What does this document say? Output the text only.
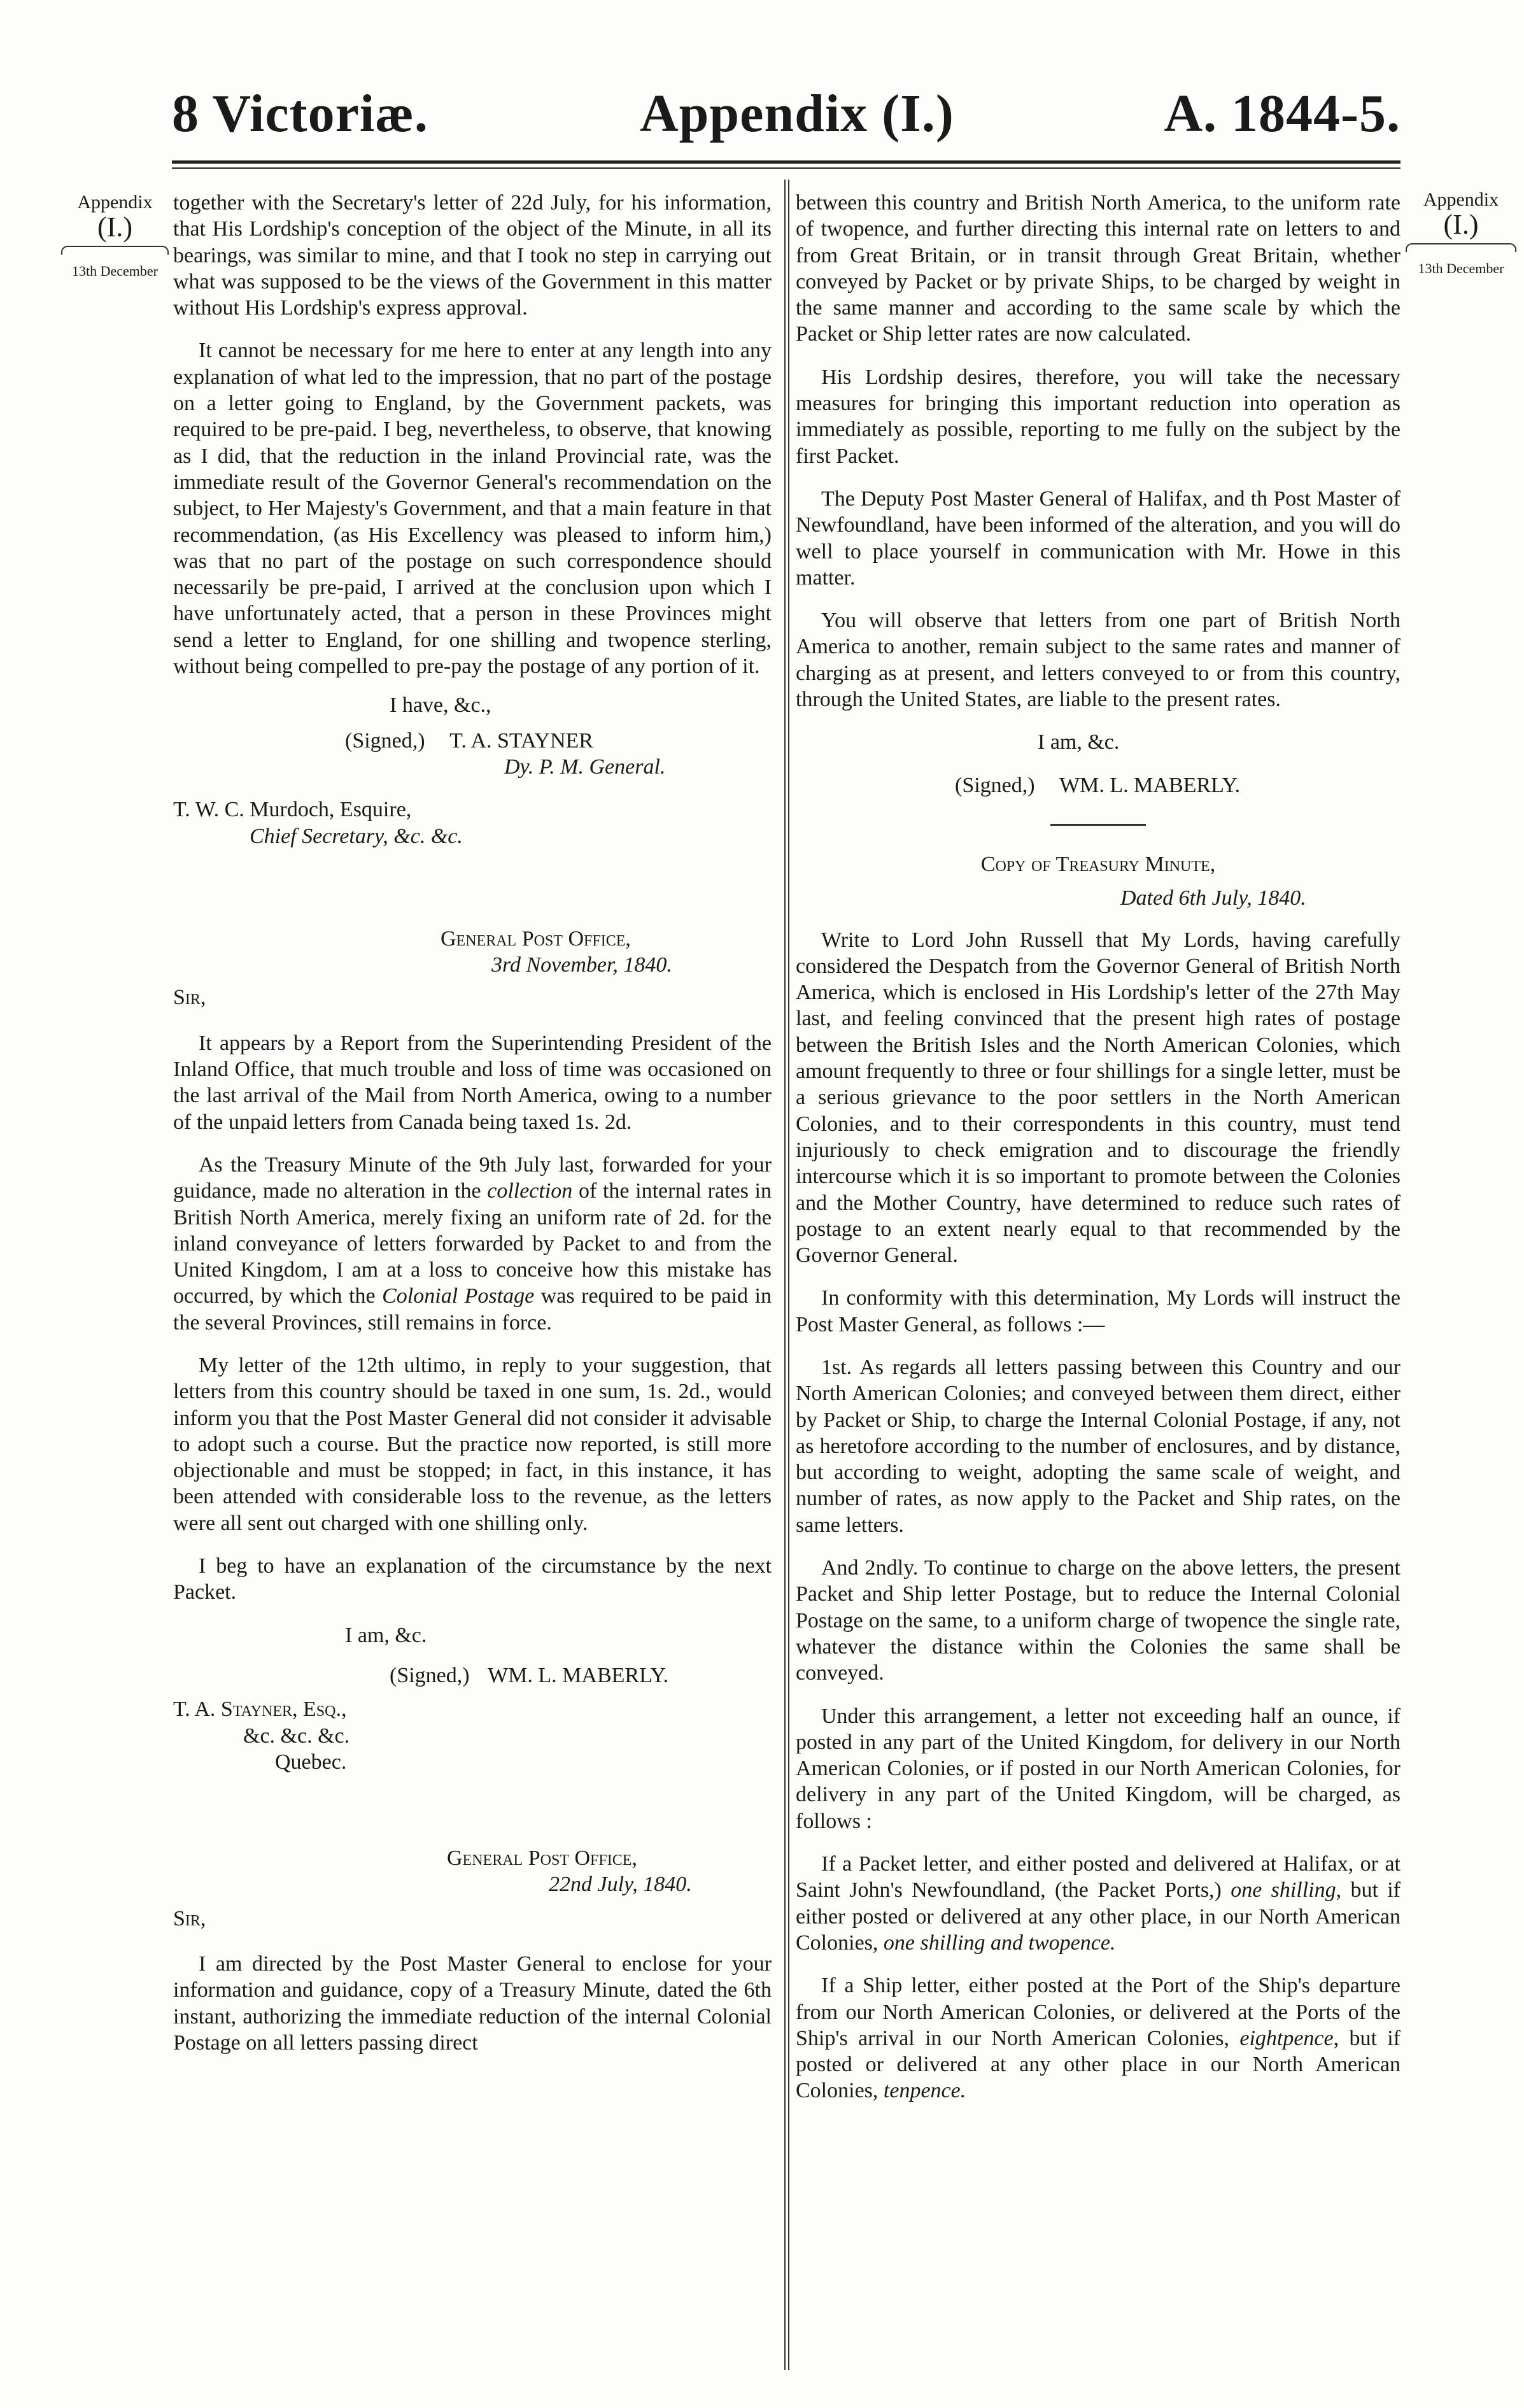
8 Victoriæ.	Appendix (I.)	A. 1844-5.
Appendix
(I.)
13th December
Appendix
(I.)
13th December

together with the Secretary's letter of 22d July, for his information, that His Lordship's conception of the object of the Minute, in all its bearings, was similar to mine, and that I took no step in carrying out what was supposed to be the views of the Government in this matter without His Lordship's express approval.

It cannot be necessary for me here to enter at any length into any explanation of what led to the impression, that no part of the postage on a letter going to England, by the Government packets, was required to be pre-paid. I beg, nevertheless, to observe, that knowing as I did, that the reduction in the inland Provincial rate, was the immediate result of the Governor General's recommendation on the subject, to Her Majesty's Government, and that a main feature in that recommendation, (as His Excellency was pleased to inform him,) was that no part of the postage on such correspondence should necessarily be pre-paid, I arrived at the conclusion upon which I have unfortunately acted, that a person in these Provinces might send a letter to England, for one shilling and twopence sterling, without being compelled to pre-pay the postage of any portion of it.

I have, &c.,
(Signed,) T. A. STAYNER
Dy. P. M. General.
T. W. C. Murdoch, Esquire,
Chief Secretary, &c. &c.
General Post Office,
3rd November, 1840.
Sir,

It appears by a Report from the Superintending President of the Inland Office, that much trouble and loss of time was occasioned on the last arrival of the Mail from North America, owing to a number of the unpaid letters from Canada being taxed 1s. 2d.

As the Treasury Minute of the 9th July last, forwarded for your guidance, made no alteration in the collection of the internal rates in British North America, merely fixing an uniform rate of 2d. for the inland conveyance of letters forwarded by Packet to and from the United Kingdom, I am at a loss to conceive how this mistake has occurred, by which the Colonial Postage was required to be paid in the several Provinces, still remains in force.

My letter of the 12th ultimo, in reply to your suggestion, that letters from this country should be taxed in one sum, 1s. 2d., would inform you that the Post Master General did not consider it advisable to adopt such a course. But the practice now reported, is still more objectionable and must be stopped; in fact, in this instance, it has been attended with considerable loss to the revenue, as the letters were all sent out charged with one shilling only.

I beg to have an explanation of the circumstance by the next Packet.

I am, &c.
(Signed,) WM. L. MABERLY.
T. A. Stayner, Esq.,
&c. &c. &c.
Quebec.
General Post Office,
22nd July, 1840.
Sir,

I am directed by the Post Master General to enclose for your information and guidance, copy of a Treasury Minute, dated the 6th instant, authorizing the immediate reduction of the internal Colonial Postage on all letters passing direct

between this country and British North America, to the uniform rate of twopence, and further directing this internal rate on letters to and from Great Britain, or in transit through Great Britain, whether conveyed by Packet or by private Ships, to be charged by weight in the same manner and according to the same scale by which the Packet or Ship letter rates are now calculated.

His Lordship desires, therefore, you will take the necessary measures for bringing this important reduction into operation as immediately as possible, reporting to me fully on the subject by the first Packet.

The Deputy Post Master General of Halifax, and th Post Master of Newfoundland, have been informed of the alteration, and you will do well to place yourself in communication with Mr. Howe in this matter.

You will observe that letters from one part of British North America to another, remain subject to the same rates and manner of charging as at present, and letters conveyed to or from this country, through the United States, are liable to the present rates.

I am, &c.
(Signed,) WM. L. MABERLY.
Copy of Treasury Minute,
Dated 6th July, 1840.

Write to Lord John Russell that My Lords, having carefully considered the Despatch from the Governor General of British North America, which is enclosed in His Lordship's letter of the 27th May last, and feeling convinced that the present high rates of postage between the British Isles and the North American Colonies, which amount frequently to three or four shillings for a single letter, must be a serious grievance to the poor settlers in the North American Colonies, and to their correspondents in this country, must tend injuriously to check emigration and to discourage the friendly intercourse which it is so important to promote between the Colonies and the Mother Country, have determined to reduce such rates of postage to an extent nearly equal to that recommended by the Governor General.

In conformity with this determination, My Lords will instruct the Post Master General, as follows :—

1st. As regards all letters passing between this Country and our North American Colonies; and conveyed between them direct, either by Packet or Ship, to charge the Internal Colonial Postage, if any, not as heretofore according to the number of enclosures, and by distance, but according to weight, adopting the same scale of weight, and number of rates, as now apply to the Packet and Ship rates, on the same letters.

And 2ndly. To continue to charge on the above letters, the present Packet and Ship letter Postage, but to reduce the Internal Colonial Postage on the same, to a uniform charge of twopence the single rate, whatever the distance within the Colonies the same shall be conveyed.

Under this arrangement, a letter not exceeding half an ounce, if posted in any part of the United Kingdom, for delivery in our North American Colonies, or if posted in our North American Colonies, for delivery in any part of the United Kingdom, will be charged, as follows :

If a Packet letter, and either posted and delivered at Halifax, or at Saint John's Newfoundland, (the Packet Ports,) one shilling, but if either posted or delivered at any other place, in our North American Colonies, one shilling and twopence.

If a Ship letter, either posted at the Port of the Ship's departure from our North American Colonies, or delivered at the Ports of the Ship's arrival in our North American Colonies, eightpence, but if posted or delivered at any other place in our North American Colonies, tenpence.
